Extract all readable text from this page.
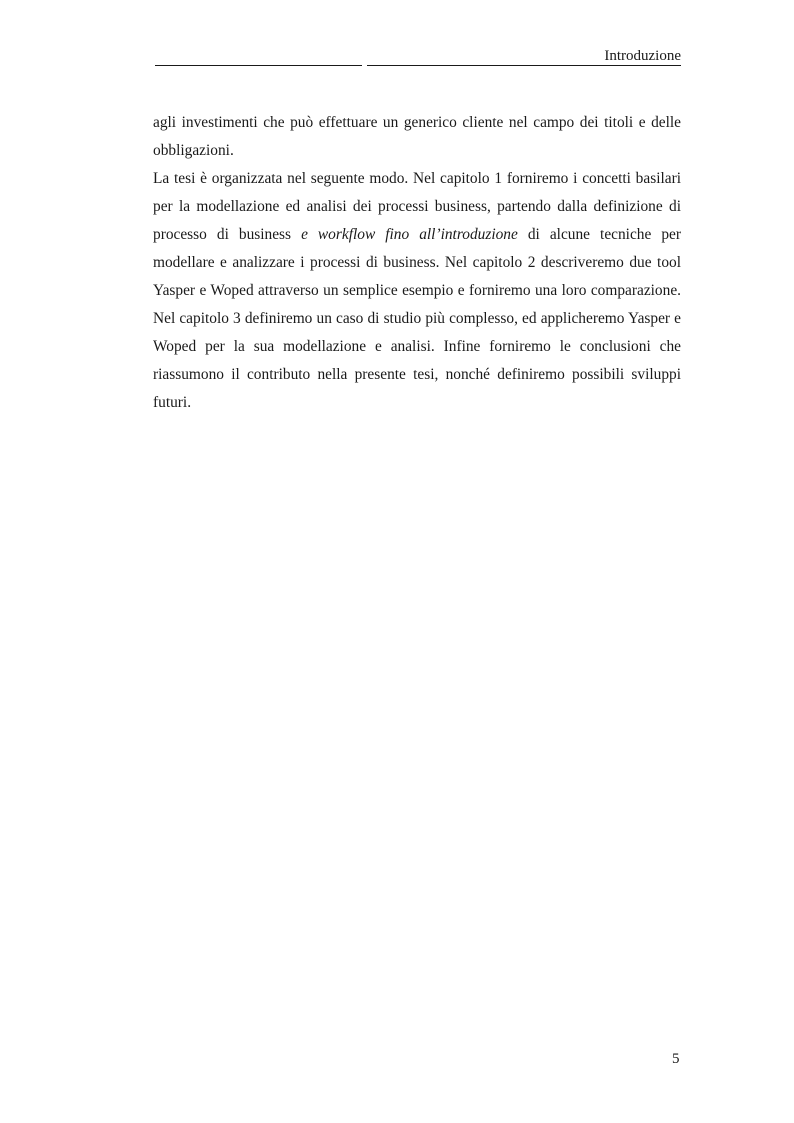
Introduzione

agli investimenti che può effettuare un generico cliente nel campo dei titoli e delle obbligazioni.

La tesi è organizzata nel seguente modo. Nel capitolo 1 forniremo i concetti basilari per la modellazione ed analisi dei processi business, partendo dalla definizione di processo di business e workflow fino all’introduzione di alcune tecniche per modellare e analizzare i processi di business. Nel capitolo 2 descriveremo due tool Yasper e Woped attraverso un semplice esempio e forniremo una loro comparazione. Nel capitolo 3 definiremo un caso di studio più complesso, ed applicheremo Yasper e Woped per la sua modellazione e analisi. Infine forniremo le conclusioni che riassumono il contributo nella presente tesi, nonché definiremo possibili sviluppi futuri.

5
